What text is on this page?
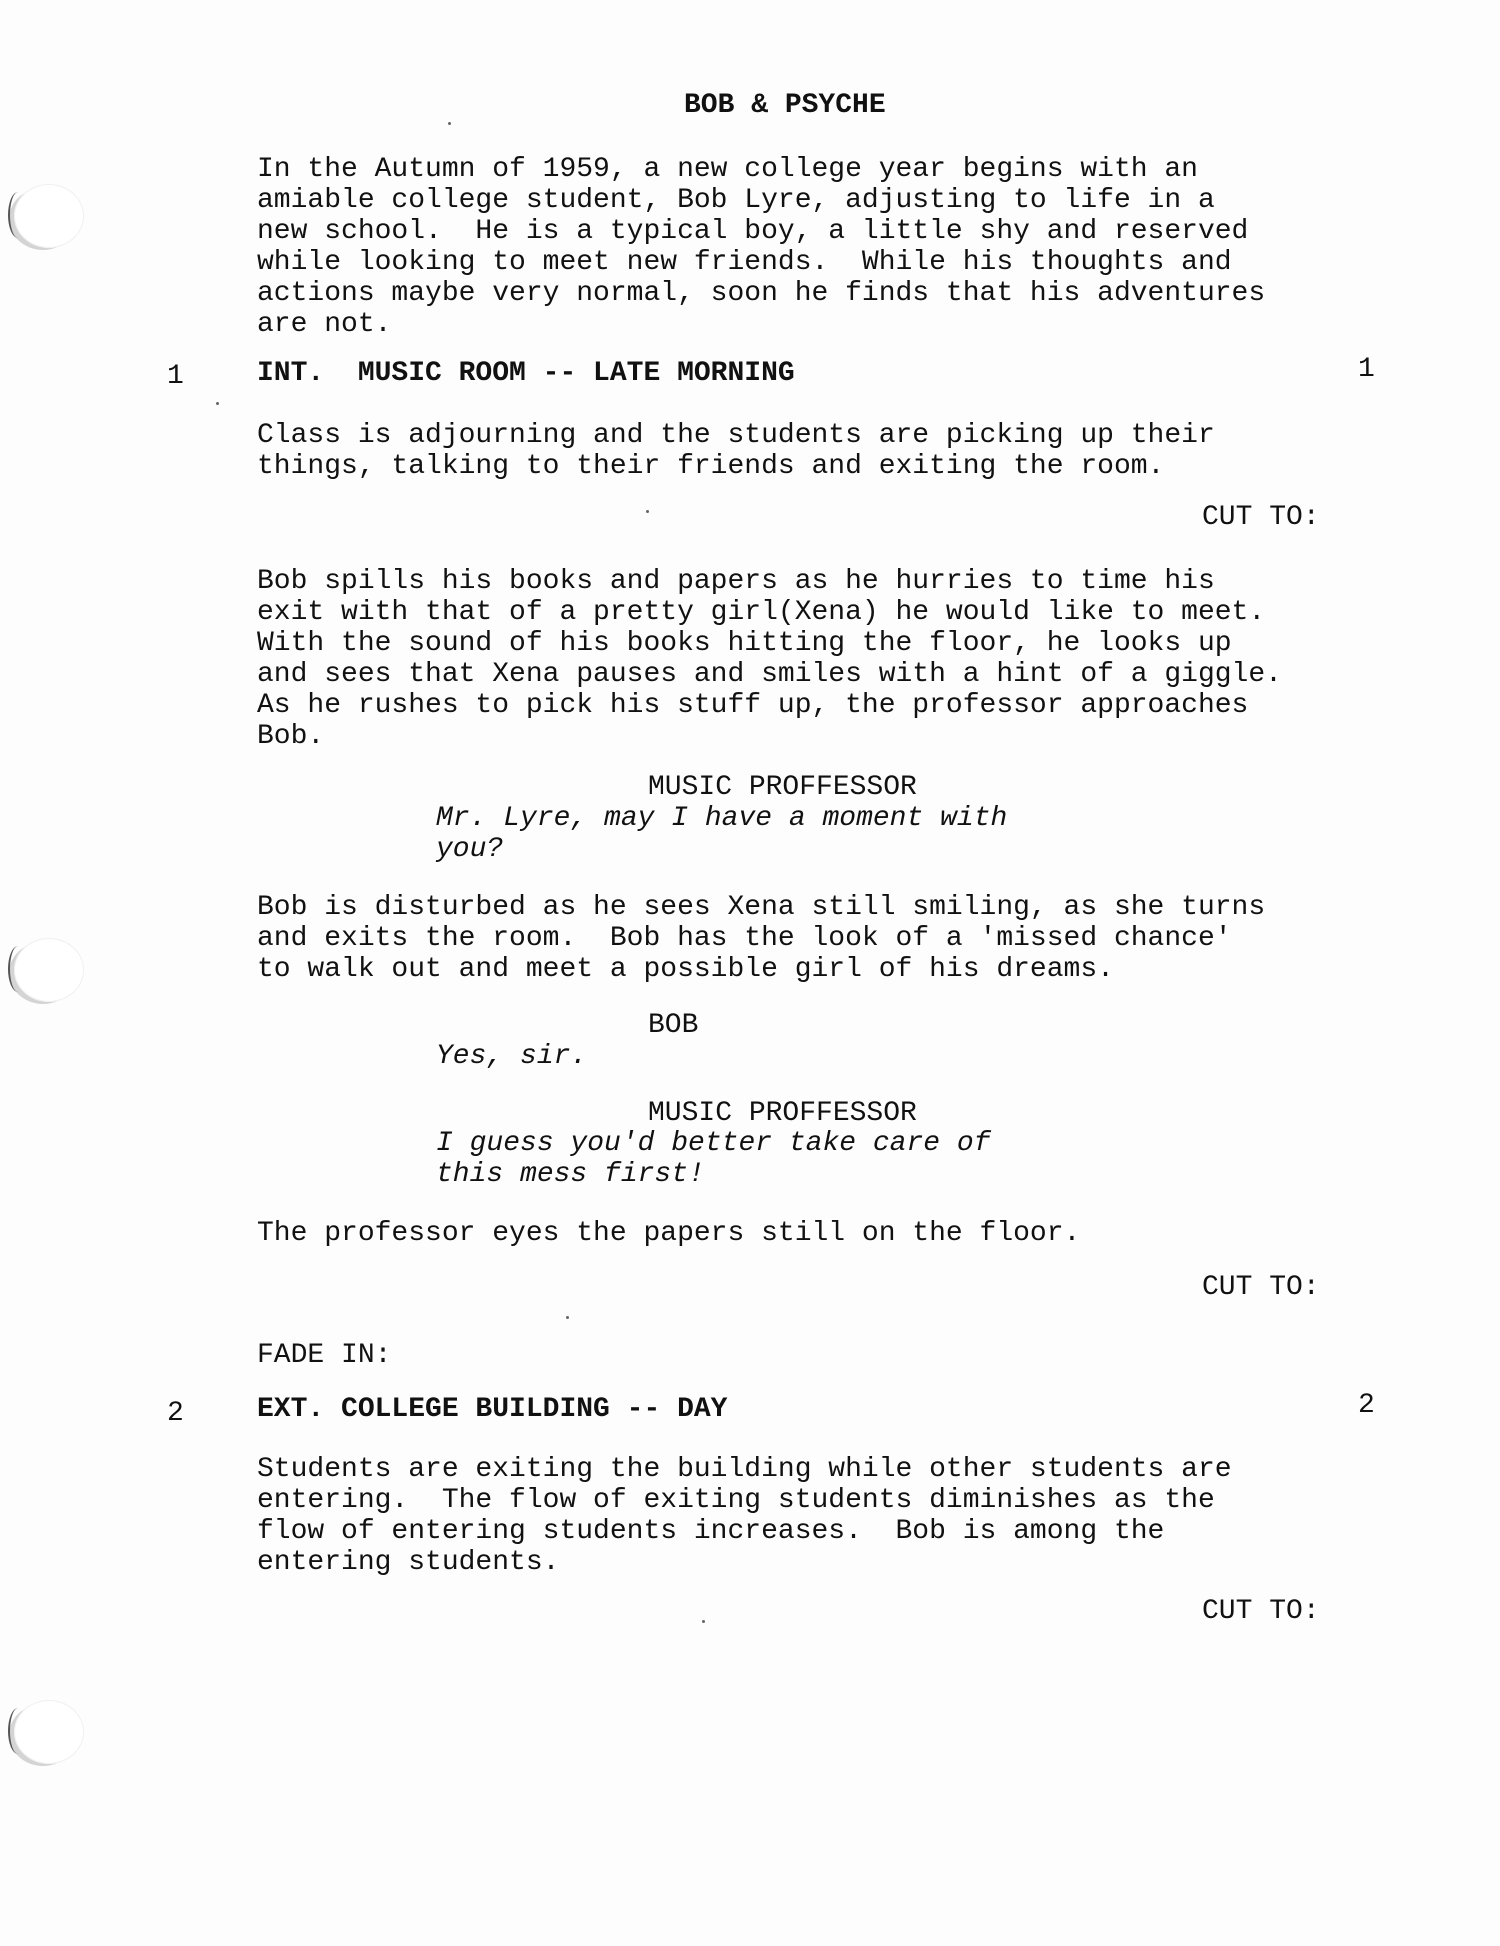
BOB & PSYCHE
In the Autumn of 1959, a new college year begins with an
amiable college student, Bob Lyre, adjusting to life in a
new school.  He is a typical boy, a little shy and reserved
while looking to meet new friends.  While his thoughts and
actions maybe very normal, soon he finds that his adventures
are not.
1	INT.  MUSIC ROOM -- LATE MORNING	1
Class is adjourning and the students are picking up their
things, talking to their friends and exiting the room.
CUT TO:
Bob spills his books and papers as he hurries to time his
exit with that of a pretty girl(Xena) he would like to meet.
With the sound of his books hitting the floor, he looks up
and sees that Xena pauses and smiles with a hint of a giggle.
As he rushes to pick his stuff up, the professor approaches
Bob.
MUSIC PROFFESSOR
Mr. Lyre, may I have a moment with
you?
Bob is disturbed as he sees Xena still smiling, as she turns
and exits the room.  Bob has the look of a 'missed chance'
to walk out and meet a possible girl of his dreams.
BOB
Yes, sir.
MUSIC PROFFESSOR
I guess you'd better take care of
this mess first!
The professor eyes the papers still on the floor.
CUT TO:
FADE IN:
2	EXT. COLLEGE BUILDING -- DAY	2
Students are exiting the building while other students are
entering.  The flow of exiting students diminishes as the
flow of entering students increases.  Bob is among the
entering students.
CUT TO:
